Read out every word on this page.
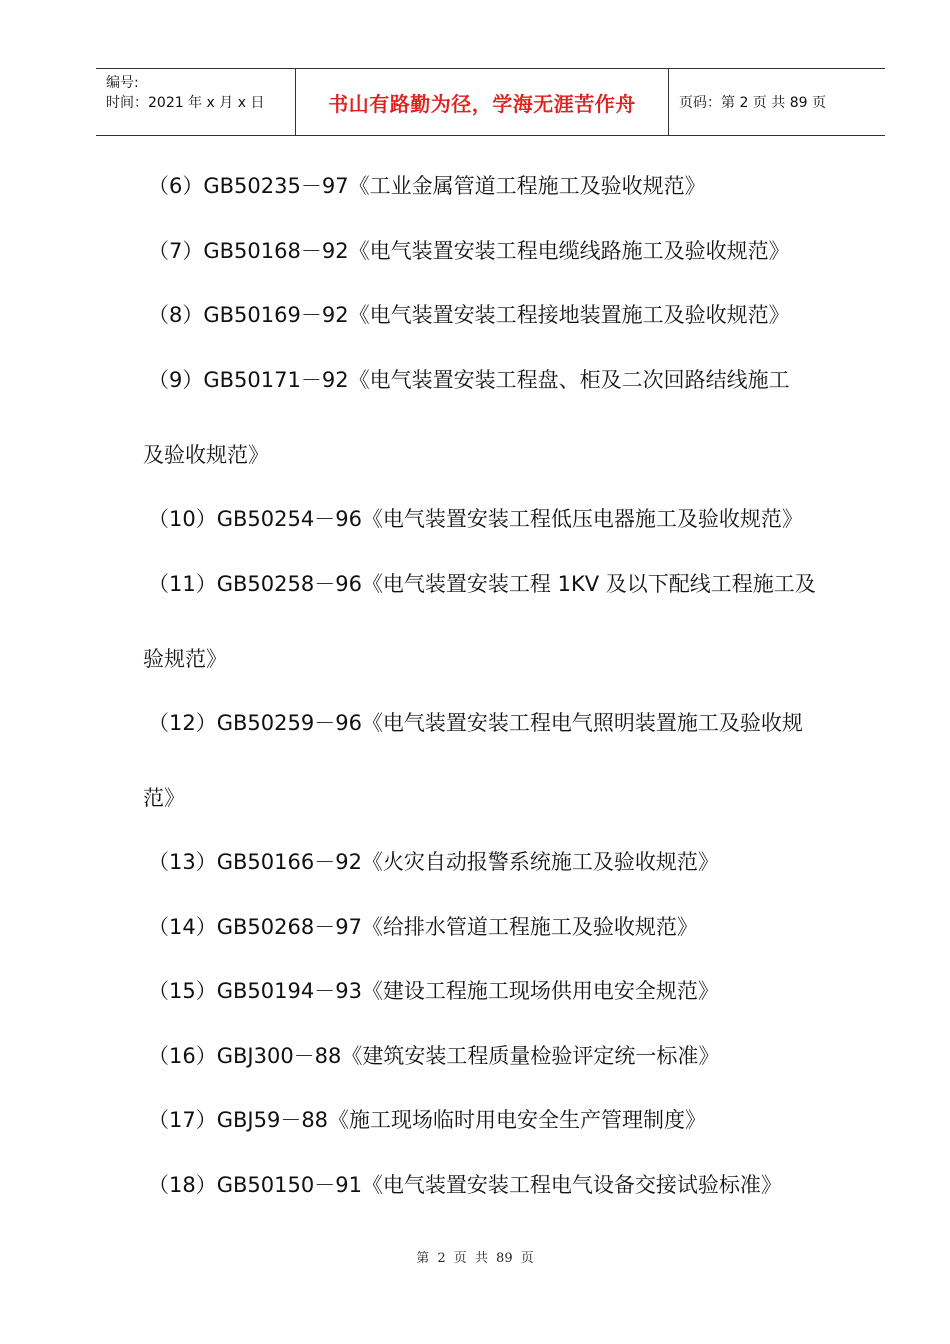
编号:
时间：2021 年 x 月 x 日	书山有路勤为径，学海无涯苦作舟	页码：第 2 页 共 89 页
（6）GB50235－97《工业金属管道工程施工及验收规范》
（7）GB50168－92《电气装置安装工程电缆线路施工及验收规范》
（8）GB50169－92《电气装置安装工程接地装置施工及验收规范》
（9）GB50171－92《电气装置安装工程盘、柜及二次回路结线施工
及验收规范》
（10）GB50254－96《电气装置安装工程低压电器施工及验收规范》
（11）GB50258－96《电气装置安装工程 1KV 及以下配线工程施工及
验规范》
（12）GB50259－96《电气装置安装工程电气照明装置施工及验收规
范》
（13）GB50166－92《火灾自动报警系统施工及验收规范》
（14）GB50268－97《给排水管道工程施工及验收规范》
（15）GB50194－93《建设工程施工现场供用电安全规范》
（16）GBJ300－88《建筑安装工程质量检验评定统一标准》
（17）GBJ59－88《施工现场临时用电安全生产管理制度》
（18）GB50150－91《电气装置安装工程电气设备交接试验标准》
第 2 页 共 89 页
